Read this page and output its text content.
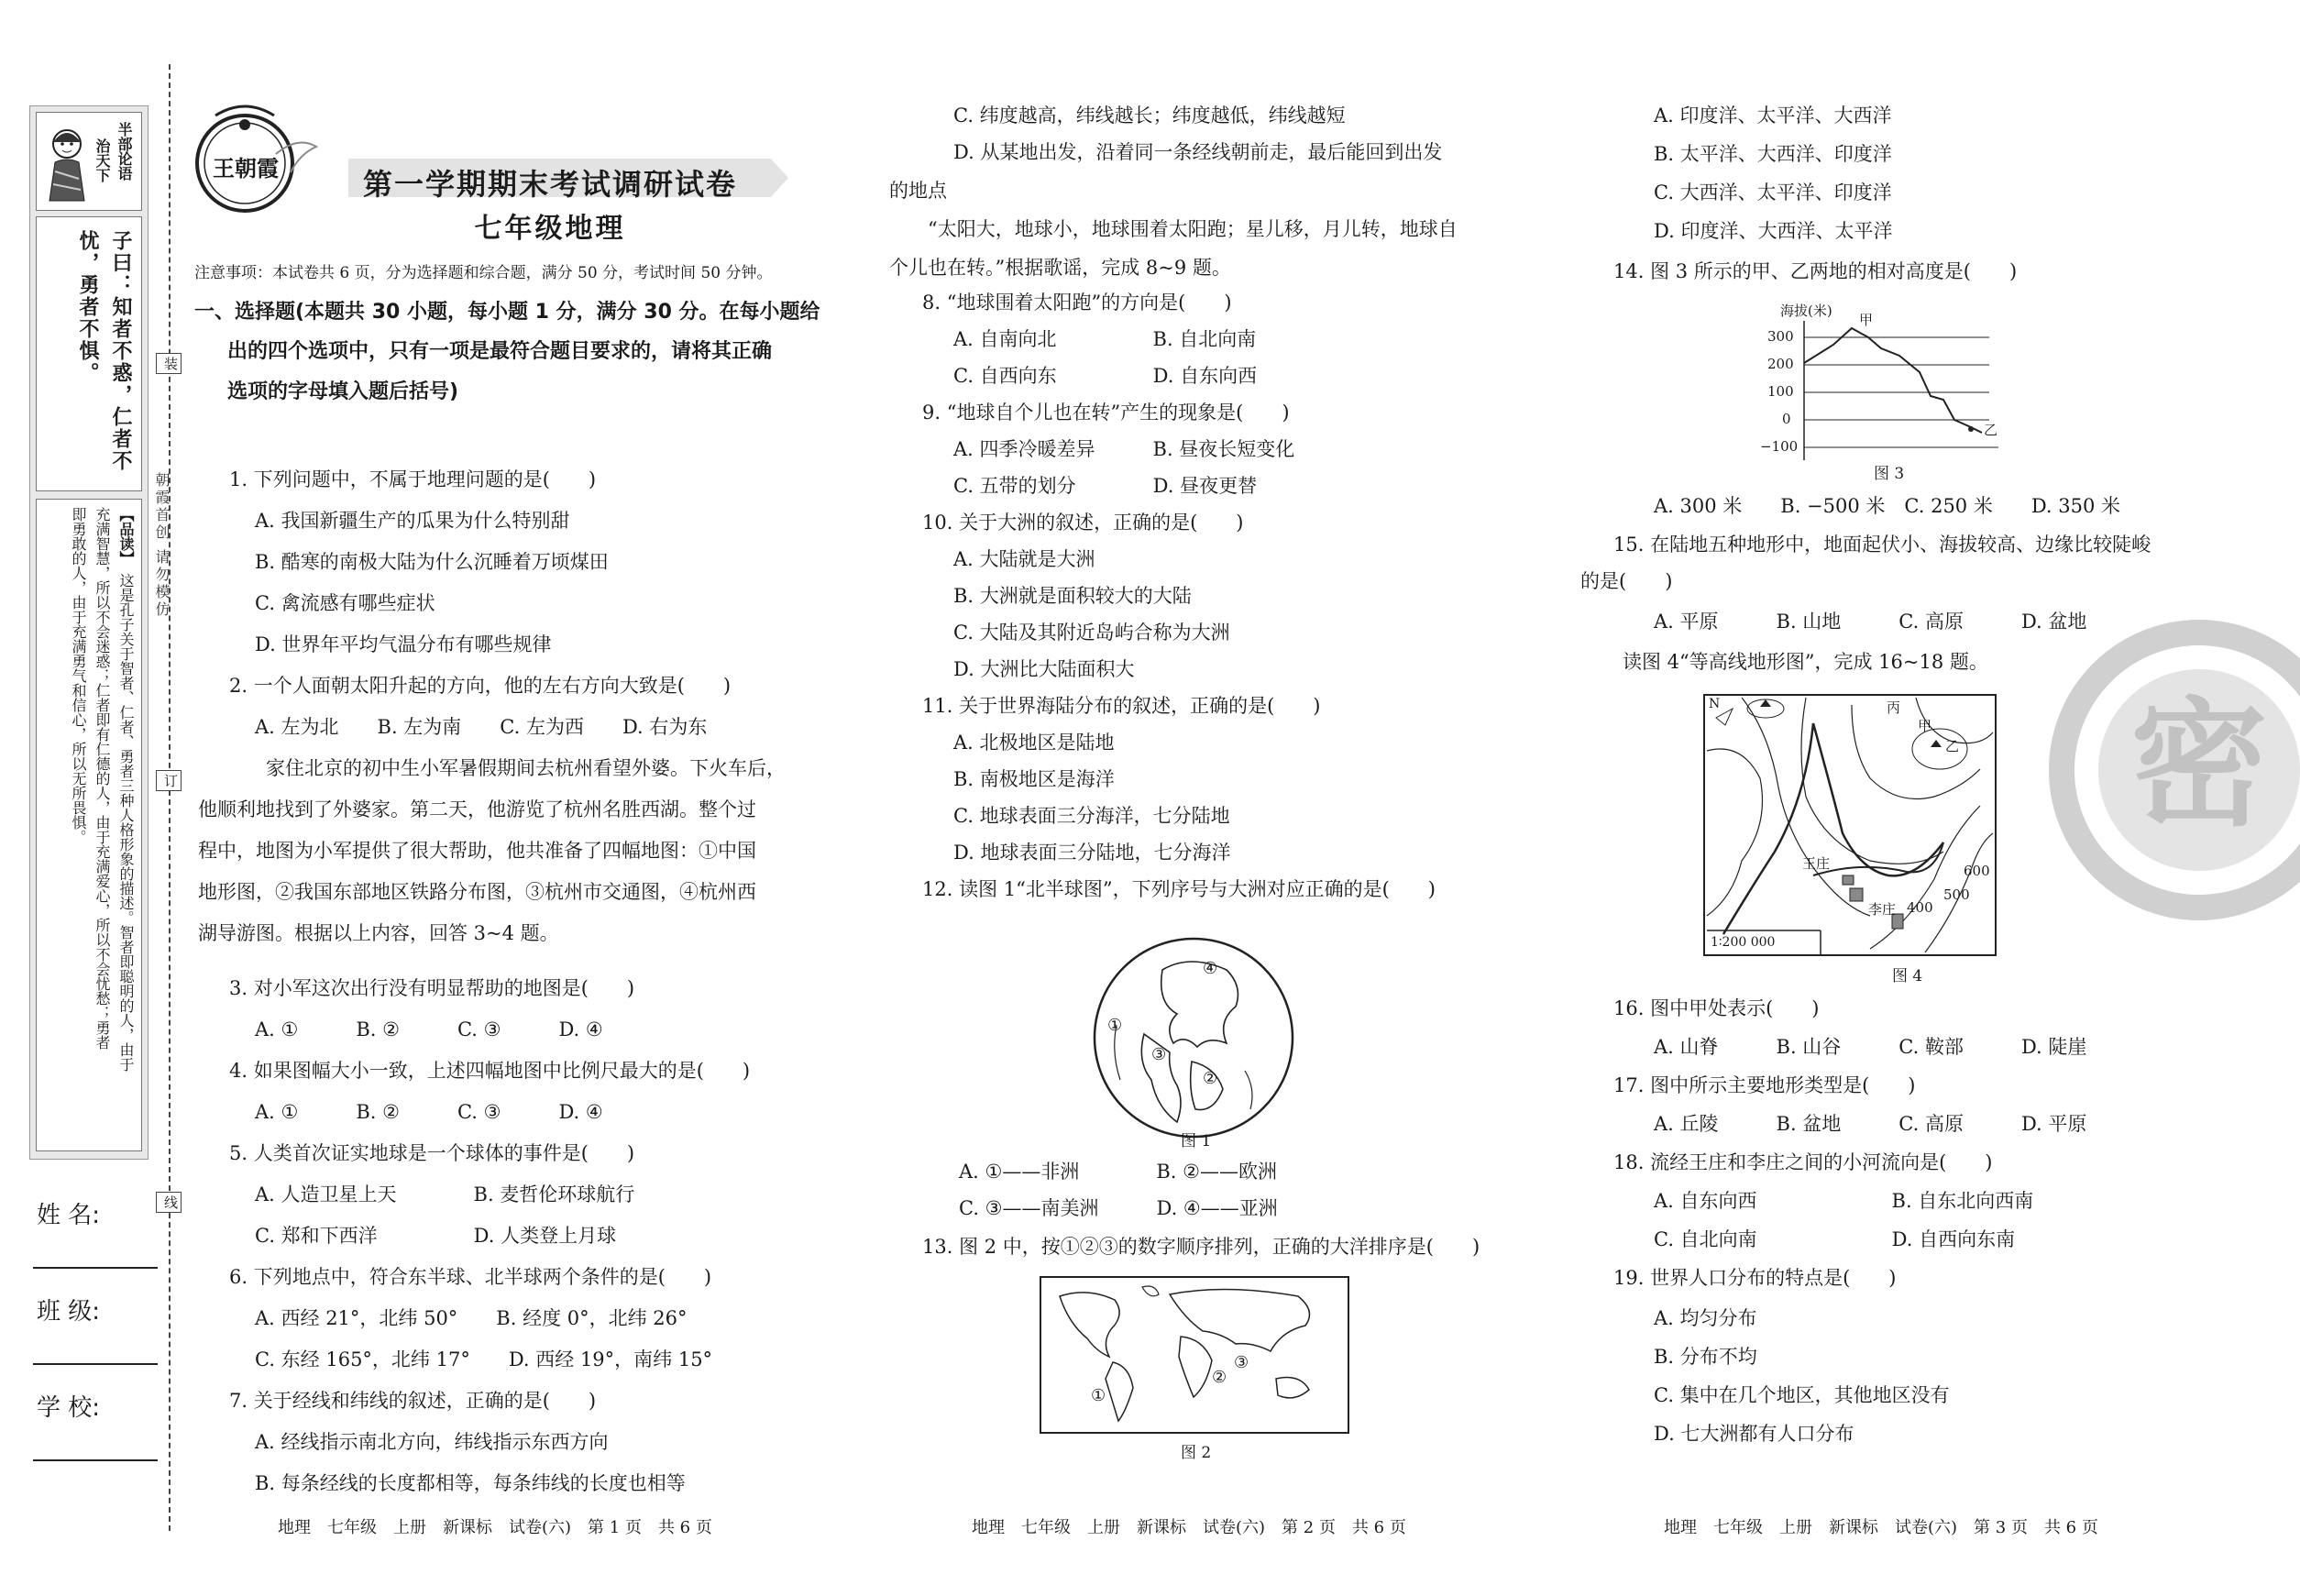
半部论语
治天下
子曰：知者不惑，仁者不
忧，勇者不惧。
【品读】
这是孔子关于智者、仁者、勇者三种人格形象的描述。智者即聪明的人，由于
充满智慧，所以不会迷惑；仁者即有仁德的人，由于充满爱心，所以不会忧愁；勇者
即勇敢的人，由于充满勇气和信心，所以无所畏惧。
姓 名:
班 级:
学 校:
装
订
线
朝霞首创 请勿模仿
王朝霞	第一学期期末考试调研试卷
七年级地理
注意事项：本试卷共 6 页，分为选择题和综合题，满分 50 分，考试时间 50 分钟。
一、选择题(本题共 30 小题，每小题 1 分，满分 30 分。在每小题给
出的四个选项中，只有一项是最符合题目要求的，请将其正确
选项的字母填入题后括号)
1. 下列问题中，不属于地理问题的是(　　)
A. 我国新疆生产的瓜果为什么特别甜
B. 酷寒的南极大陆为什么沉睡着万顷煤田
C. 禽流感有哪些症状
D. 世界年平均气温分布有哪些规律
2. 一个人面朝太阳升起的方向，他的左右方向大致是(　　)
A. 左为北　　B. 左为南　　C. 左为西　　D. 右为东
家住北京的初中生小军暑假期间去杭州看望外婆。下火车后，
他顺利地找到了外婆家。第二天，他游览了杭州名胜西湖。整个过
程中，地图为小军提供了很大帮助，他共准备了四幅地图：①中国
地形图，②我国东部地区铁路分布图，③杭州市交通图，④杭州西
湖导游图。根据以上内容，回答 3~4 题。
3. 对小军这次出行没有明显帮助的地图是(　　)
A. ①　　　B. ②　　　C. ③　　　D. ④
4. 如果图幅大小一致，上述四幅地图中比例尺最大的是(　　)
A. ①　　　B. ②　　　C. ③　　　D. ④
5. 人类首次证实地球是一个球体的事件是(　　)
A. 人造卫星上天　　　　B. 麦哲伦环球航行
C. 郑和下西洋　　　　　D. 人类登上月球
6. 下列地点中，符合东半球、北半球两个条件的是(　　)
A. 西经 21°，北纬 50°　　B. 经度 0°，北纬 26°
C. 东经 165°，北纬 17°　　D. 西经 19°，南纬 15°
7. 关于经线和纬线的叙述，正确的是(　　)
A. 经线指示南北方向，纬线指示东西方向
B. 每条经线的长度都相等，每条纬线的长度也相等
C. 纬度越高，纬线越长；纬度越低，纬线越短
D. 从某地出发，沿着同一条经线朝前走，最后能回到出发
的地点
“太阳大，地球小，地球围着太阳跑；星儿移，月儿转，地球自
个儿也在转。”根据歌谣，完成 8~9 题。
8. “地球围着太阳跑”的方向是(　　)
A. 自南向北　　　　　B. 自北向南
C. 自西向东　　　　　D. 自东向西
9. “地球自个儿也在转”产生的现象是(　　)
A. 四季冷暖差异　　　B. 昼夜长短变化
C. 五带的划分　　　　D. 昼夜更替
10. 关于大洲的叙述，正确的是(　　)
A. 大陆就是大洲
B. 大洲就是面积较大的大陆
C. 大陆及其附近岛屿合称为大洲
D. 大洲比大陆面积大
11. 关于世界海陆分布的叙述，正确的是(　　)
A. 北极地区是陆地
B. 南极地区是海洋
C. 地球表面三分海洋，七分陆地
D. 地球表面三分陆地，七分海洋
12. 读图 1“北半球图”，下列序号与大洲对应正确的是(　　)
A. ①——非洲　　　　B. ②——欧洲
C. ③——南美洲　　　D. ④——亚洲
13. 图 2 中，按①②③的数字顺序排列，正确的大洋排序是(　　)
A. 印度洋、太平洋、大西洋
B. 太平洋、大西洋、印度洋
C. 大西洋、太平洋、印度洋
D. 印度洋、大西洋、太平洋
14. 图 3 所示的甲、乙两地的相对高度是(　　)
A. 300 米　　B. −500 米　C. 250 米　　D. 350 米
15. 在陆地五种地形中，地面起伏小、海拔较高、边缘比较陡峻
的是(　　)
A. 平原　　　B. 山地　　　C. 高原　　　D. 盆地
读图 4“等高线地形图”，完成 16~18 题。
16. 图中甲处表示(　　)
A. 山脊　　　B. 山谷　　　C. 鞍部　　　D. 陡崖
17. 图中所示主要地形类型是(　　)
A. 丘陵　　　B. 盆地　　　C. 高原　　　D. 平原
18. 流经王庄和李庄之间的小河流向是(　　)
A. 自东向西　　　　　　　B. 自东北向西南
C. 自北向南　　　　　　　D. 自西向东南
19. 世界人口分布的特点是(　　)
A. 均匀分布
B. 分布不均
C. 集中在几个地区，其他地区没有
D. 七大洲都有人口分布
④
①
③
②
图 1
①
②
③
图 2
海拔(米)
甲
乙
300
200
100
0
−100
图 3
N	丙
甲
乙
王庄
李庄 400
500
600
1∶200 000
图 4
密
地理　七年级　上册　新课标　试卷(六)　第 1 页　共 6 页	地理　七年级　上册　新课标　试卷(六)　第 2 页　共 6 页	地理　七年级　上册　新课标　试卷(六)　第 3 页　共 6 页
